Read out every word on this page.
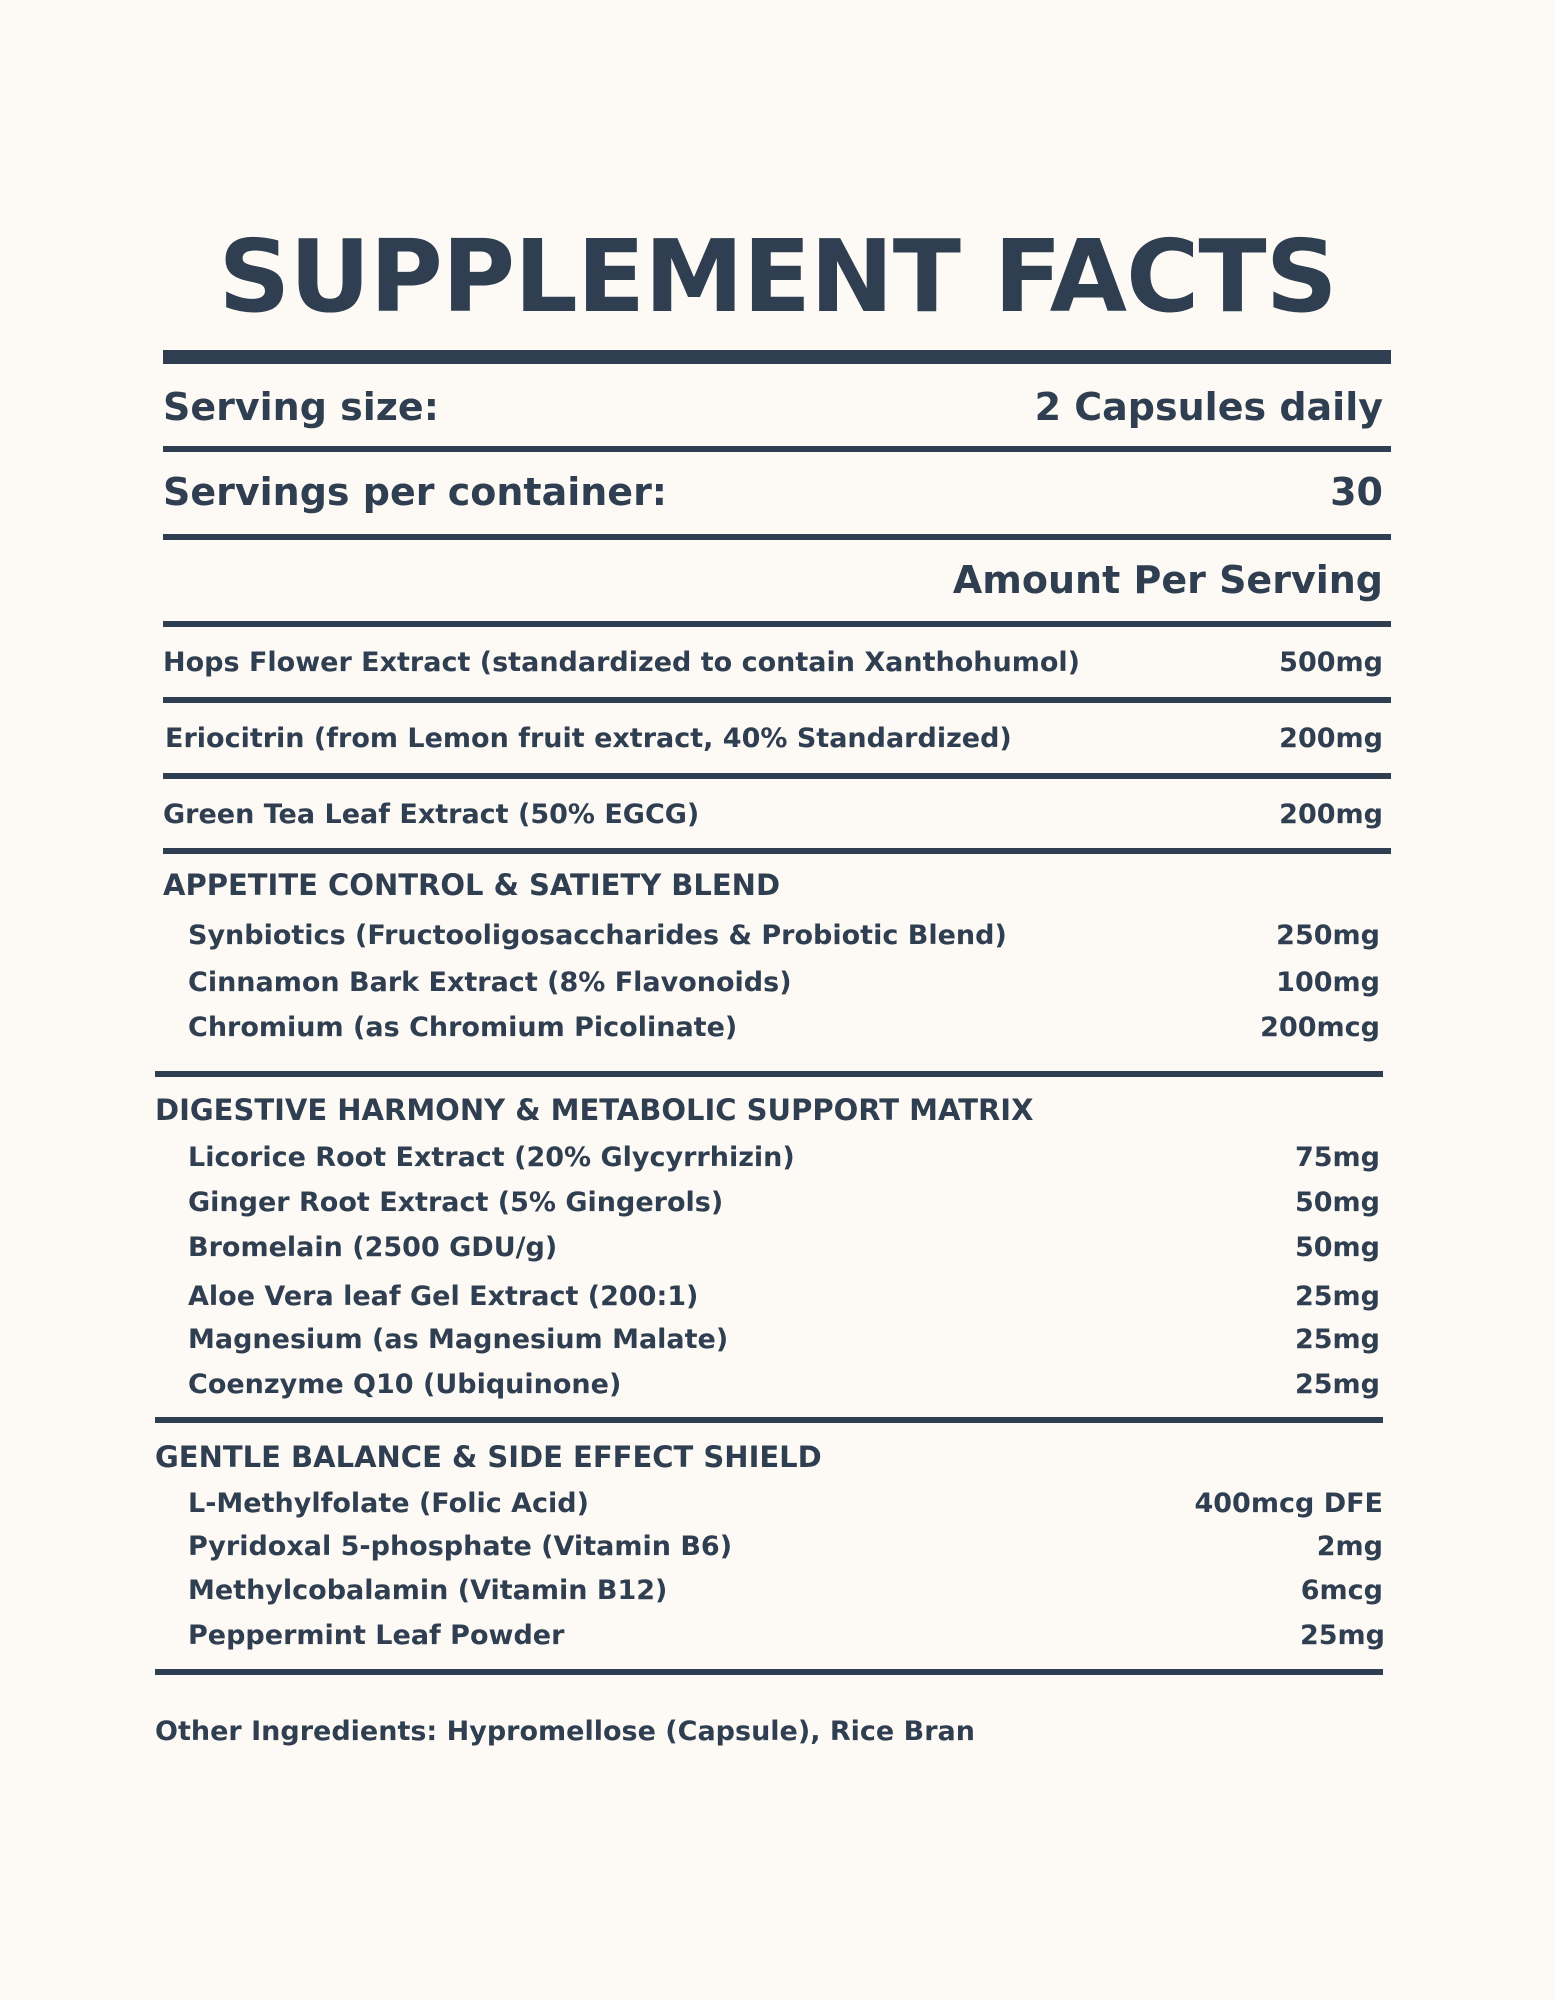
SUPPLEMENT FACTS
Serving size:	2 Capsules daily
Servings per container:	30
Amount Per Serving
Hops Flower Extract (standardized to contain Xanthohumol)	500mg
Eriocitrin (from Lemon fruit extract, 40% Standardized)	200mg
Green Tea Leaf Extract (50% EGCG)	200mg
APPETITE CONTROL & SATIETY BLEND
Synbiotics (Fructooligosaccharides & Probiotic Blend)	250mg
Cinnamon Bark Extract (8% Flavonoids)	100mg
Chromium (as Chromium Picolinate)	200mcg
DIGESTIVE HARMONY & METABOLIC SUPPORT MATRIX
Licorice Root Extract (20% Glycyrrhizin)	75mg
Ginger Root Extract (5% Gingerols)	50mg
Bromelain (2500 GDU/g)	50mg
Aloe Vera leaf Gel Extract (200:1)	25mg
Magnesium (as Magnesium Malate)	25mg
Coenzyme Q10 (Ubiquinone)	25mg
GENTLE BALANCE & SIDE EFFECT SHIELD
L-Methylfolate (Folic Acid)	400mcg DFE
Pyridoxal 5-phosphate (Vitamin B6)	2mg
Methylcobalamin (Vitamin B12)	6mcg
Peppermint Leaf Powder	25mg
Other Ingredients: Hypromellose (Capsule), Rice Bran
